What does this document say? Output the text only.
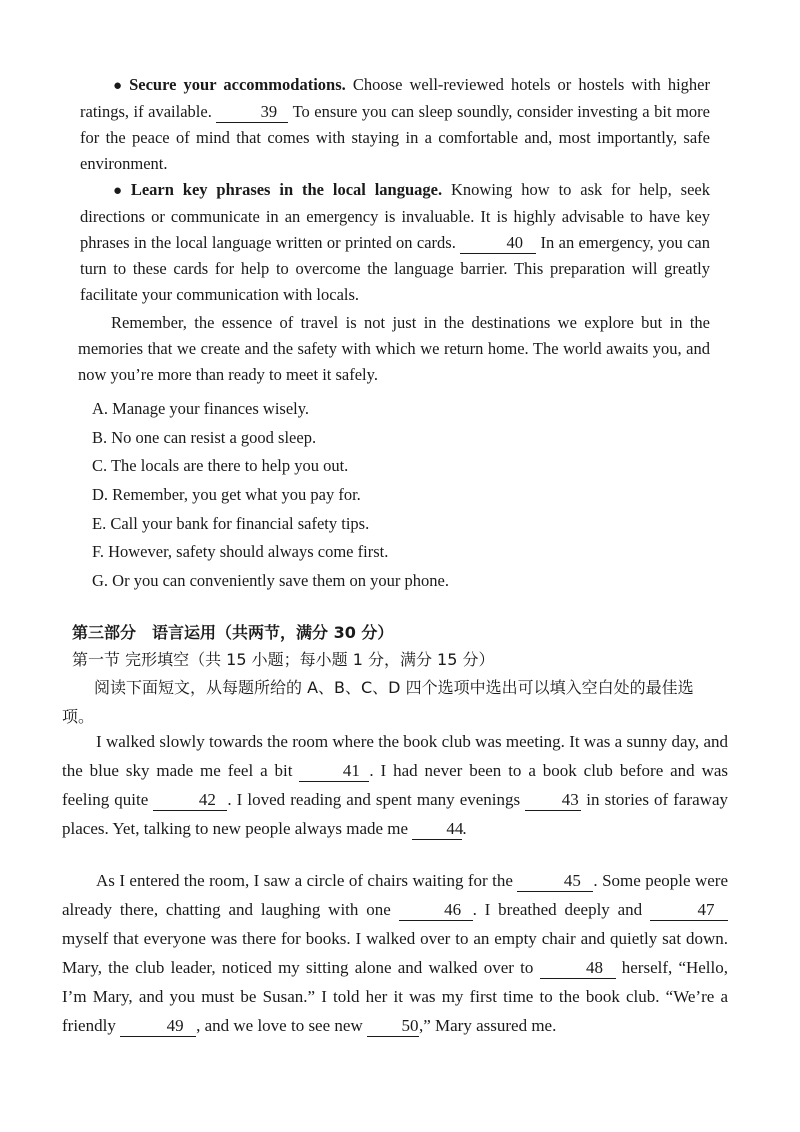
● Secure your accommodations. Choose well-reviewed hotels or hostels with higher ratings, if available.	39 To ensure you can sleep soundly, consider investing a bit more for the peace of mind that comes with staying in a comfortable and, most importantly, safe environment.
● Learn key phrases in the local language. Knowing how to ask for help, seek directions or communicate in an emergency is invaluable. It is highly advisable to have key phrases in the local language written or printed on cards.	40 In an emergency, you can turn to these cards for help to overcome the language barrier. This preparation will greatly facilitate your communication with locals.
Remember, the essence of travel is not just in the destinations we explore but in the memories that we create and the safety with which we return home. The world awaits you, and now you’re more than ready to meet it safely.
A. Manage your finances wisely.
B. No one can resist a good sleep.
C. The locals are there to help you out.
D. Remember, you get what you pay for.
E. Call your bank for financial safety tips.
F. However, safety should always come first.
G. Or you can conveniently save them on your phone.
第三部分　语言运用（共两节，满分 30 分）
第一节 完形填空（共 15 小题；每小题 1 分，满分 15 分）
阅读下面短文，从每题所给的 A、B、C、D 四个选项中选出可以填入空白处的最佳选项。
I walked slowly towards the room where the book club was meeting. It was a sunny day, and the blue sky made me feel a bit	41 . I had never been to a book club before and was feeling quite	42 . I loved reading and spent many evenings 43 in stories of faraway places. Yet, talking to new people always made me 44.
As I entered the room, I saw a circle of chairs waiting for the	45 . Some people were already there, chatting and laughing with one	46 . I breathed deeply and	47 myself that everyone was there for books. I walked over to an empty chair and quietly sat down. Mary, the club leader, noticed my sitting alone and walked over to	48 herself, “Hello, I’m Mary, and you must be Susan.” I told her it was my first time to the book club. “We’re a friendly	49 , and we love to see new 50,” Mary assured me.
